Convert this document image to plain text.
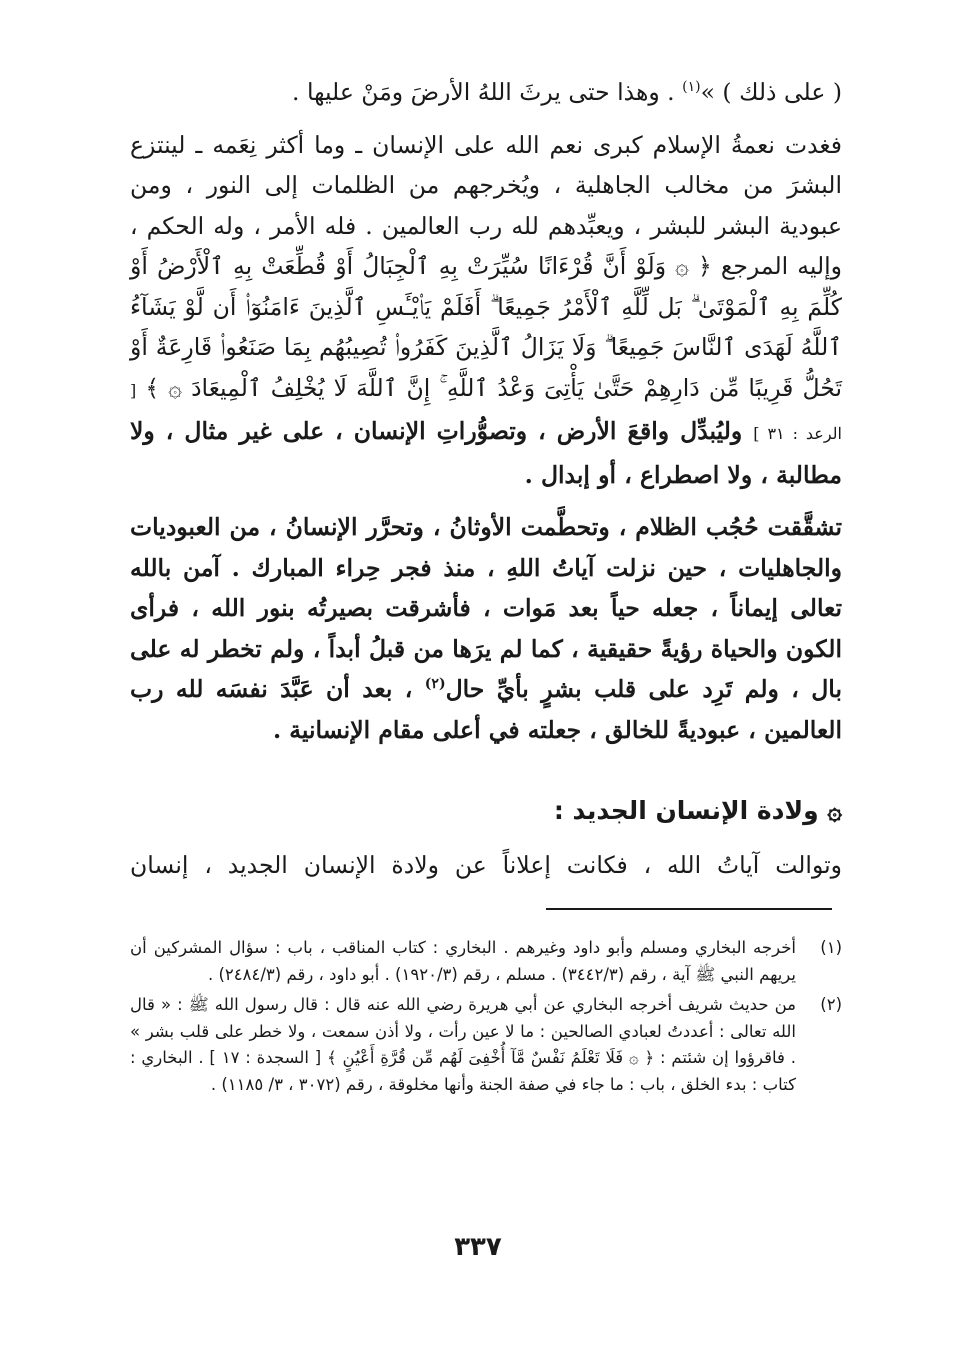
( على ذلك ) »$^{(١)}$ . وهذا حتى يرثَ اللهُ الأرضَ ومَنْ عليها .

فغدت نعمةُ الإسلام كبرى نعم الله على الإنسان ـ وما أكثر نِعَمه ـ لينتزع البشرَ من مخالب الجاهلية ، ويُخرجهم من الظلمات إلى النور ، ومن عبودية البشر للبشر ، ويعبِّدهم لله رب العالمين . فله الأمر ، وله الحكم ، وإليه المرجع ﴿ ۞ وَلَوْ أَنَّ قُرْءَانًا سُيِّرَتْ بِهِ ٱلْجِبَالُ أَوْ قُطِّعَتْ بِهِ ٱلْأَرْضُ أَوْ كُلِّمَ بِهِ ٱلْمَوْتَىٰ ۗ بَل لِّلَّهِ ٱلْأَمْرُ جَمِيعًا ۗ أَفَلَمْ يَا۟يْـَٔسِ ٱلَّذِينَ ءَامَنُوٓا۟ أَن لَّوْ يَشَآءُ ٱللَّهُ لَهَدَى ٱلنَّاسَ جَمِيعًا ۗ وَلَا يَزَالُ ٱلَّذِينَ كَفَرُوا۟ تُصِيبُهُم بِمَا صَنَعُوا۟ قَارِعَةٌ أَوْ تَحُلُّ قَرِيبًا مِّن دَارِهِمْ حَتَّىٰ يَأْتِىَ وَعْدُ ٱللَّهِ ۚ إِنَّ ٱللَّهَ لَا يُخْلِفُ ٱلْمِيعَادَ ۞ ﴾ [ الرعد : ٣١ ] وليُبدِّل واقعَ الأرض ، وتصوُّراتِ الإنسان ، على غير مثال ، ولا مطالبة ، ولا اصطراع ، أو إبدال .

تشقَّقت حُجُب الظلام ، وتحطَّمت الأوثانُ ، وتحرَّر الإنسانُ ، من العبوديات والجاهليات ، حين نزلت آياتُ اللهِ ، منذ فجر حِراء المبارك . آمن بالله تعالى إيماناً ، جعله حياً بعد مَوات ، فأشرقت بصيرتُه بنور الله ، فرأى الكون والحياة رؤيةً حقيقية ، كما لم يرَها من قبلُ أبداً ، ولم تخطر له على بال ، ولم تَرِد على قلب بشرٍ بأيِّ حال$^{(٢)}$ ، بعد أن عَبَّدَ نفسَه لله رب العالمين ، عبوديةً للخالق ، جعلته في أعلى مقام الإنسانية .

۞ ولادة الإنسان الجديد :
وتوالت آياتُ الله ، فكانت إعلاناً عن ولادة الإنسان الجديد ، إنسان
(١)
أخرجه البخاري ومسلم وأبو داود وغيرهم . البخاري : كتاب المناقب ، باب : سؤال المشركين أن يريهم النبي ﷺ آية ، رقم (٣٤٤٢/٣) . مسلم ، رقم (١٩٢٠/٣) . أبو داود ، رقم (٢٤٨٤/٣) .
(٢)
من حديث شريف أخرجه البخاري عن أبي هريرة رضي الله عنه قال : قال رسول الله ﷺ : « قال الله تعالى : أعددتُ لعبادي الصالحين : ما لا عين رأت ، ولا أذن سمعت ، ولا خطر على قلب بشر » . فاقرؤوا إن شئتم : ﴿ ۞ فَلَا تَعْلَمُ نَفْسٌ مَّآ أُخْفِىَ لَهُم مِّن قُرَّةِ أَعْيُنٍ ﴾ [ السجدة : ١٧ ] . البخاري : كتاب : بدء الخلق ، باب : ما جاء في صفة الجنة وأنها مخلوقة ، رقم (٣٠٧٢ ، ٣/ ١١٨٥) .
٣٣٧
